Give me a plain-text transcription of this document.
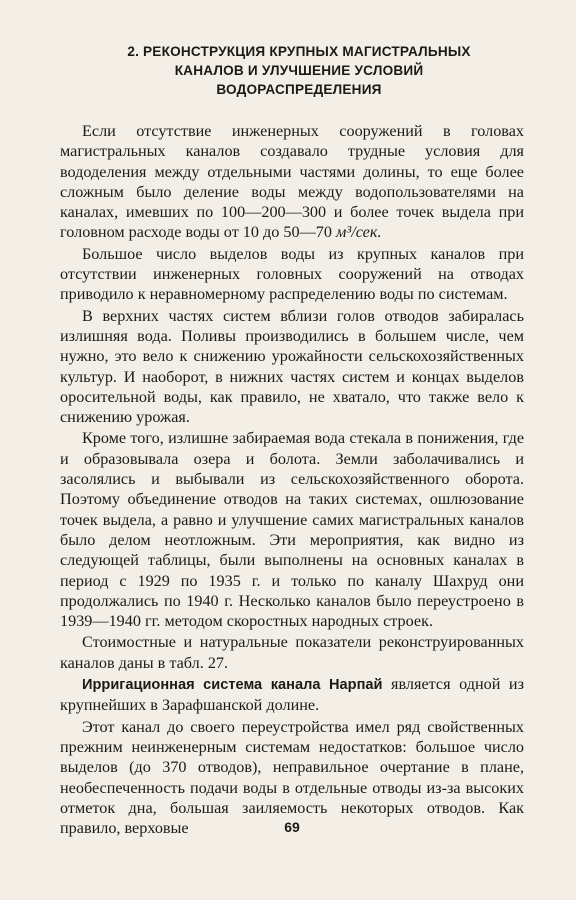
2. РЕКОНСТРУКЦИЯ КРУПНЫХ МАГИСТРАЛЬНЫХ
КАНАЛОВ И УЛУЧШЕНИЕ УСЛОВИЙ
ВОДОРАСПРЕДЕЛЕНИЯ

Если отсутствие инженерных сооружений в головах магистральных каналов создавало трудные условия для вододеления между отдельными частями долины, то еще более сложным было деление воды между водопользователями на каналах, имевших по 100—200—300 и более точек выдела при головном расходе воды от 10 до 50—70 м³/сек.

Большое число выделов воды из крупных каналов при отсутствии инженерных головных сооружений на отводах приводило к неравномерному распределению воды по системам.

В верхних частях систем вблизи голов отводов забиралась излишняя вода. Поливы производились в большем числе, чем нужно, это вело к снижению урожайности сельскохозяйственных культур. И наоборот, в нижних частях систем и концах выделов оросительной воды, как правило, не хватало, что также вело к снижению урожая.

Кроме того, излишне забираемая вода стекала в понижения, где и образовывала озера и болота. Земли заболачивались и засолялись и выбывали из сельскохозяйственного оборота. Поэтому объединение отводов на таких системах, ошлюзование точек выдела, а равно и улучшение самих магистральных каналов было делом неотложным. Эти мероприятия, как видно из следующей таблицы, были выполнены на основных каналах в период с 1929 по 1935 г. и только по каналу Шахруд они продолжались по 1940 г. Несколько каналов было переустроено в 1939—1940 гг. методом скоростных народных строек.

Стоимостные и натуральные показатели реконструированных каналов даны в табл. 27.

Ирригационная система канала Нарпай является одной из крупнейших в Зарафшанской долине.

Этот канал до своего переустройства имел ряд свойственных прежним неинженерным системам недостатков: большое число выделов (до 370 отводов), неправильное очертание в плане, необеспеченность подачи воды в отдельные отводы из-за высоких отметок дна, большая заиляемость некоторых отводов. Как правило, верховые	69
